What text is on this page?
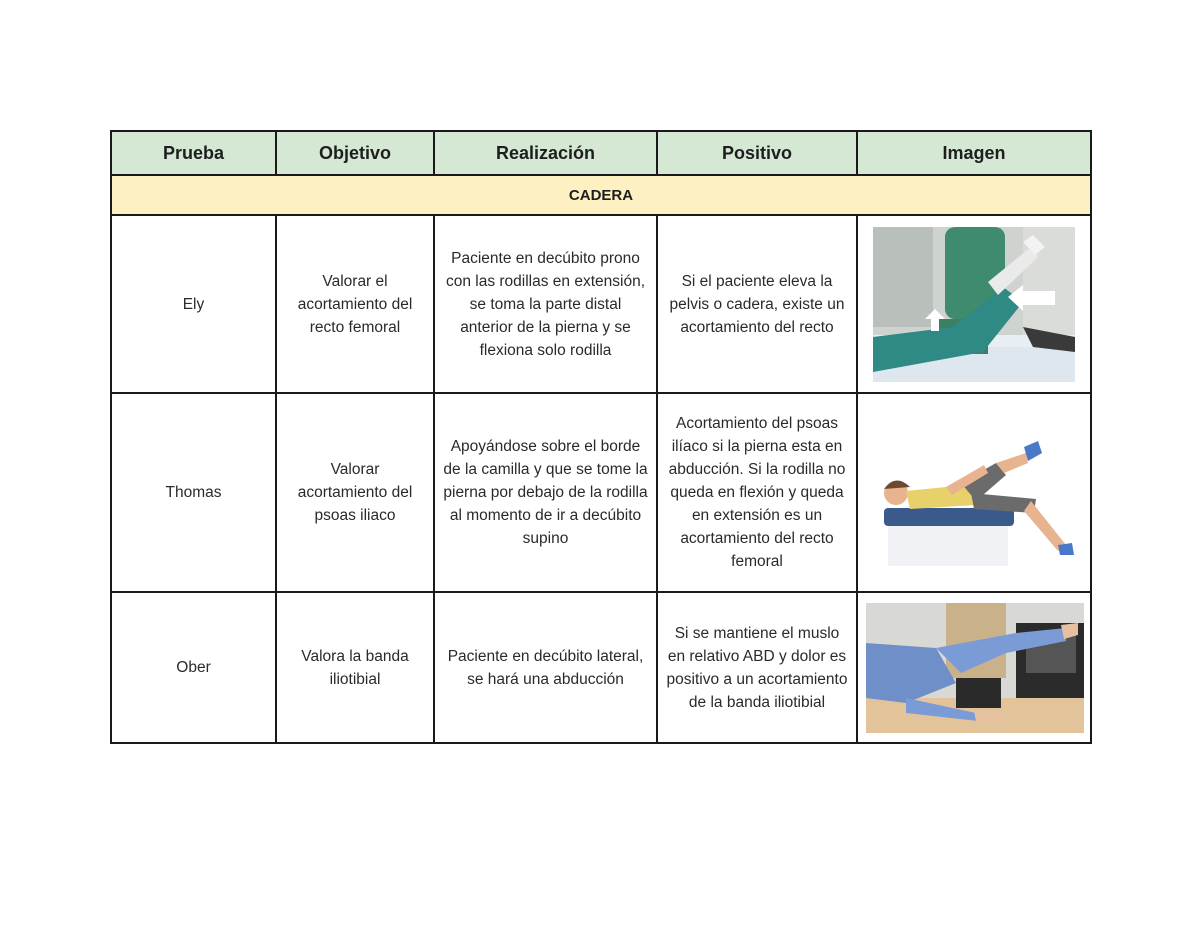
Prueba	Objetivo	Realización	Positivo	Imagen
CADERA				
Ely	Valorar el acortamiento del recto femoral	Paciente en decúbito prono con las rodillas en extensión, se toma la parte distal anterior de la pierna y se flexiona solo rodilla	Si el paciente eleva la pelvis o cadera, existe un acortamiento del recto	

Thomas	Valorar acortamiento del psoas iliaco	Apoyándose sobre el borde de la camilla y que se tome la pierna por debajo de la rodilla al momento de ir a decúbito supino	Acortamiento del psoas ilíaco si la pierna esta en abducción. Si la rodilla no queda en flexión y queda en extensión es un acortamiento del recto femoral	

Ober	Valora la banda iliotibial	Paciente en decúbito lateral, se hará una abducción	Si se mantiene el muslo en relativo ABD y dolor es positivo a un acortamiento de la banda iliotibial	
